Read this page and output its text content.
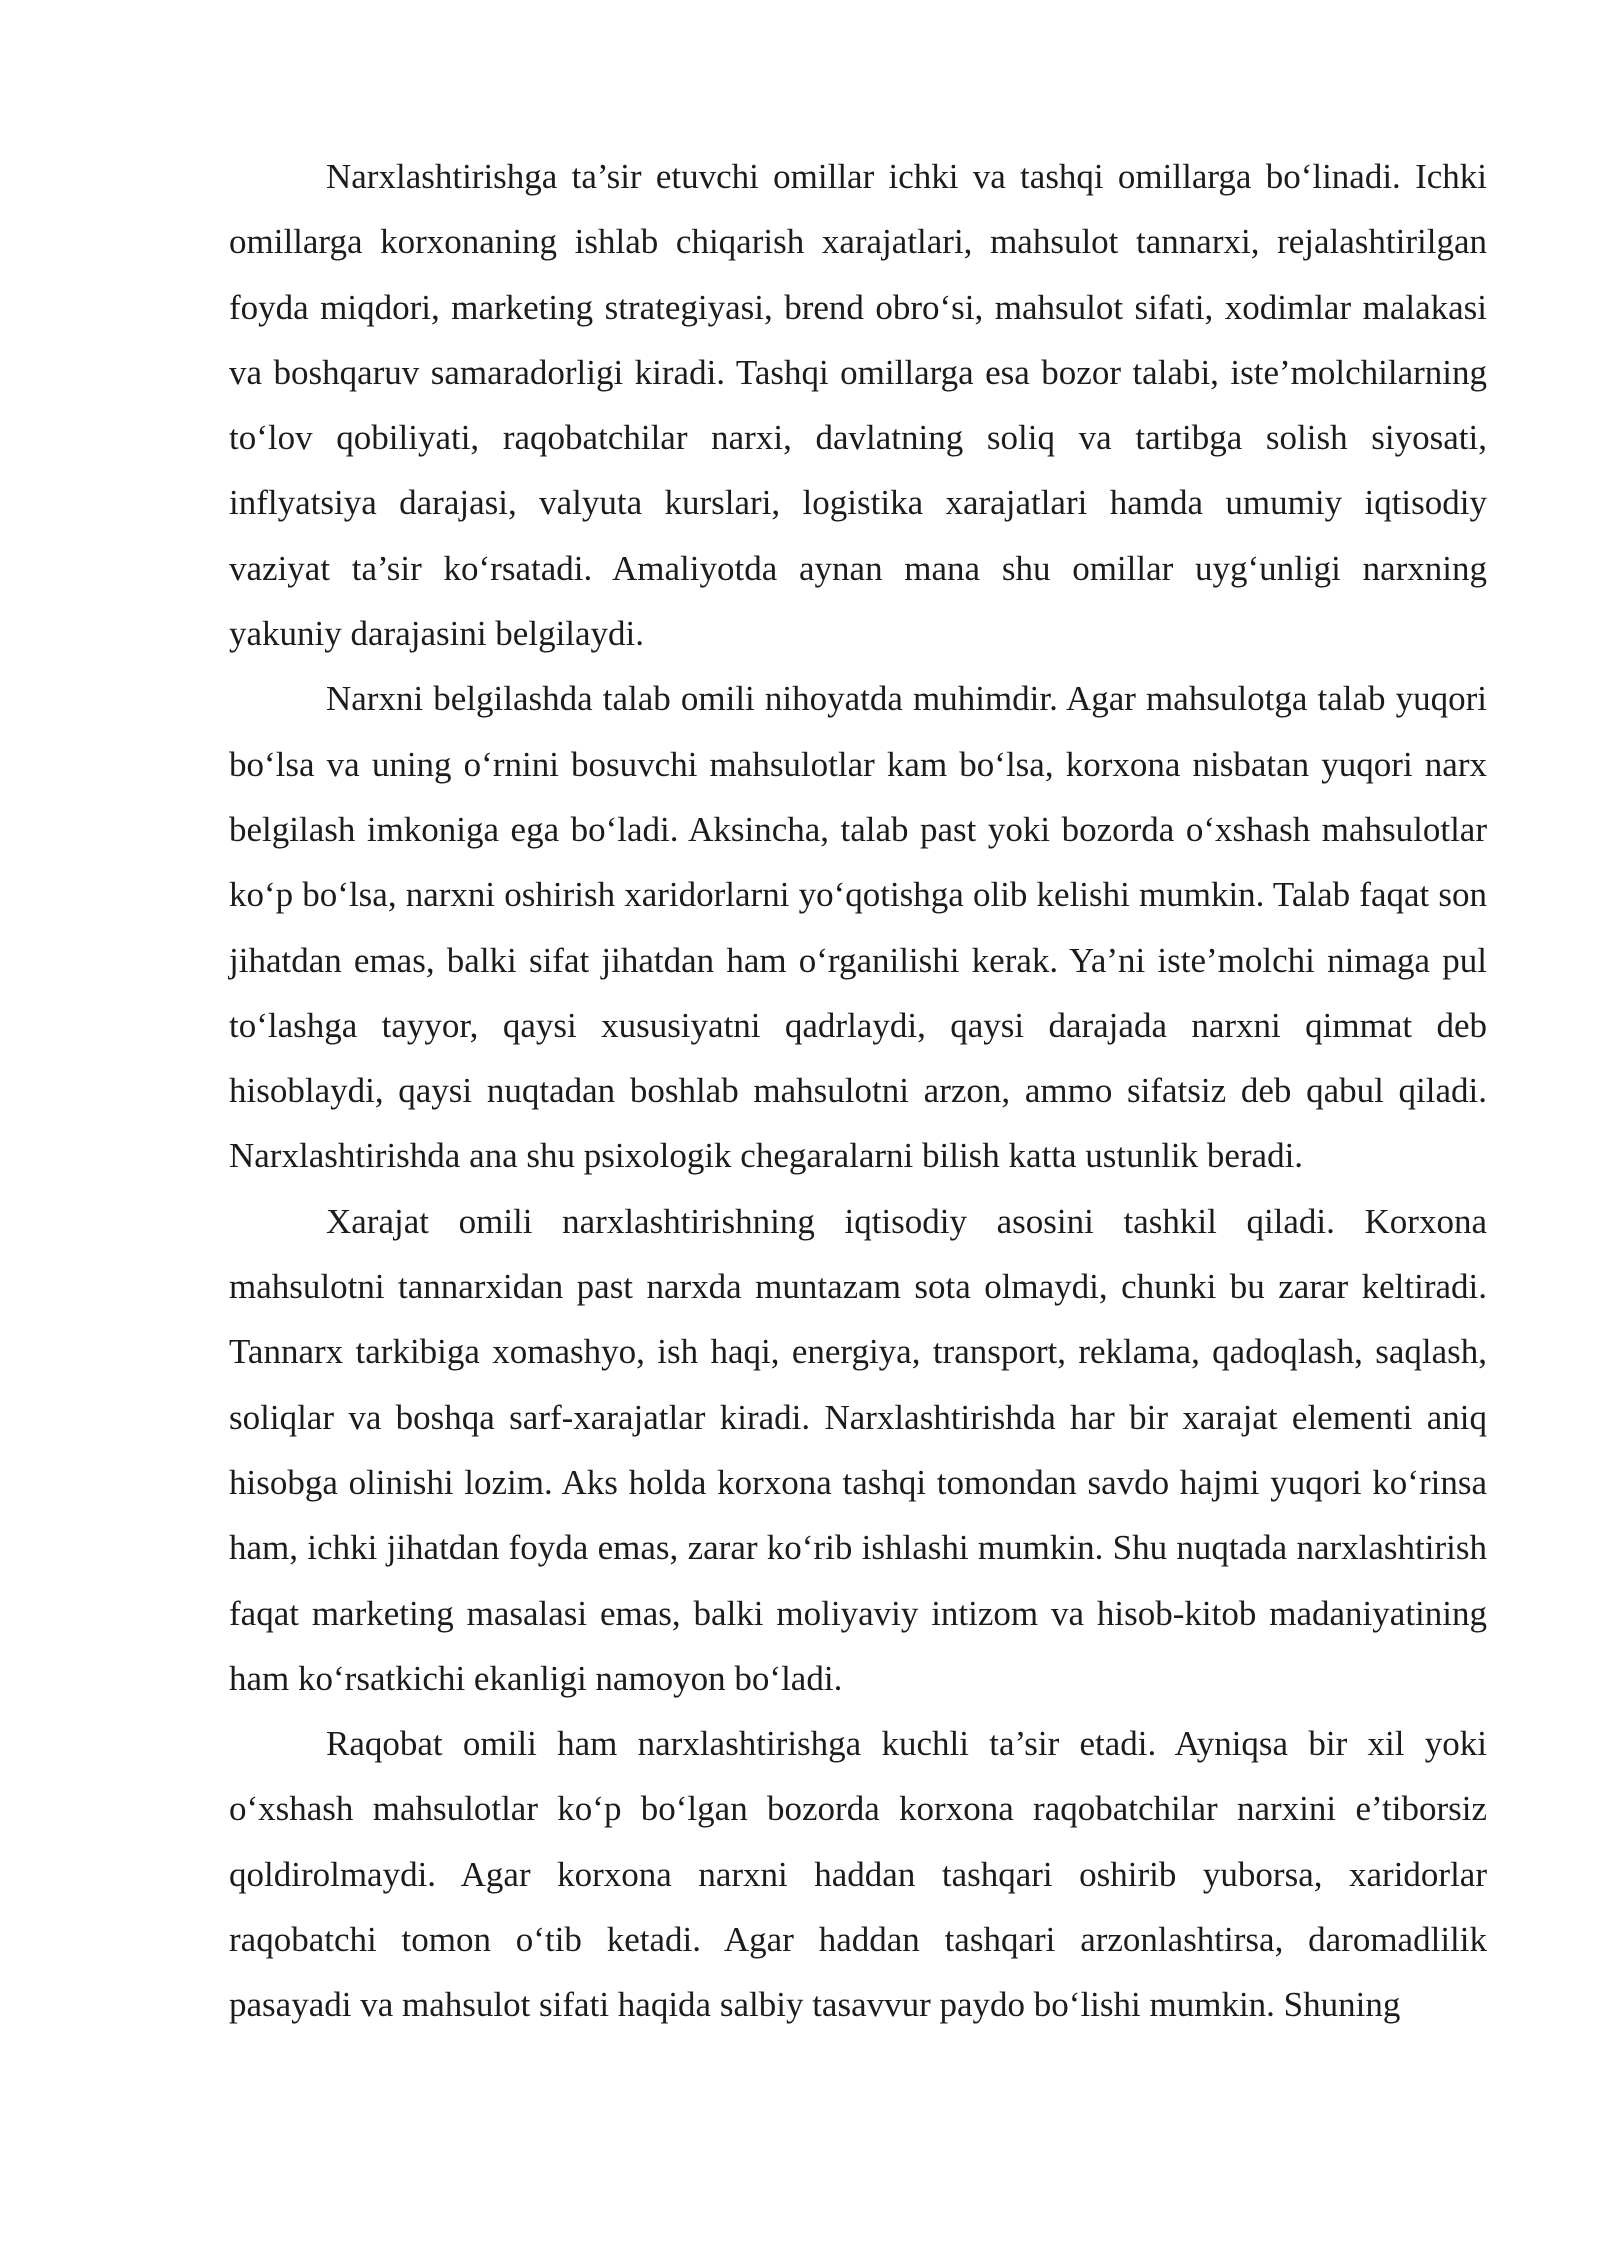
Narxlashtirishga ta’sir etuvchi omillar ichki va tashqi omillarga bo‘linadi. Ichki omillarga korxonaning ishlab chiqarish xarajatlari, mahsulot tannarxi, rejalashtirilgan foyda miqdori, marketing strategiyasi, brend obro‘si, mahsulot sifati, xodimlar malakasi va boshqaruv samaradorligi kiradi. Tashqi omillarga esa bozor talabi, iste’molchilarning to‘lov qobiliyati, raqobatchilar narxi, davlatning soliq va tartibga solish siyosati, inflyatsiya darajasi, valyuta kurslari, logistika xarajatlari hamda umumiy iqtisodiy vaziyat ta’sir ko‘rsatadi. Amaliyotda aynan mana shu omillar uyg‘unligi narxning yakuniy darajasini belgilaydi.

Narxni belgilashda talab omili nihoyatda muhimdir. Agar mahsulotga talab yuqori bo‘lsa va uning o‘rnini bosuvchi mahsulotlar kam bo‘lsa, korxona nisbatan yuqori narx belgilash imkoniga ega bo‘ladi. Aksincha, talab past yoki bozorda o‘xshash mahsulotlar ko‘p bo‘lsa, narxni oshirish xaridorlarni yo‘qotishga olib kelishi mumkin. Talab faqat son jihatdan emas, balki sifat jihatdan ham o‘rganilishi kerak. Ya’ni iste’molchi nimaga pul to‘lashga tayyor, qaysi xususiyatni qadrlaydi, qaysi darajada narxni qimmat deb hisoblaydi, qaysi nuqtadan boshlab mahsulotni arzon, ammo sifatsiz deb qabul qiladi. Narxlashtirishda ana shu psixologik chegaralarni bilish katta ustunlik beradi.

Xarajat omili narxlashtirishning iqtisodiy asosini tashkil qiladi. Korxona mahsulotni tannarxidan past narxda muntazam sota olmaydi, chunki bu zarar keltiradi. Tannarx tarkibiga xomashyo, ish haqi, energiya, transport, reklama, qadoqlash, saqlash, soliqlar va boshqa sarf-xarajatlar kiradi. Narxlashtirishda har bir xarajat elementi aniq hisobga olinishi lozim. Aks holda korxona tashqi tomondan savdo hajmi yuqori ko‘rinsa ham, ichki jihatdan foyda emas, zarar ko‘rib ishlashi mumkin. Shu nuqtada narxlashtirish faqat marketing masalasi emas, balki moliyaviy intizom va hisob-kitob madaniyatining ham ko‘rsatkichi ekanligi namoyon bo‘ladi.

Raqobat omili ham narxlashtirishga kuchli ta’sir etadi. Ayniqsa bir xil yoki o‘xshash mahsulotlar ko‘p bo‘lgan bozorda korxona raqobatchilar narxini e’tiborsiz qoldirolmaydi. Agar korxona narxni haddan tashqari oshirib yuborsa, xaridorlar raqobatchi tomon o‘tib ketadi. Agar haddan tashqari arzonlashtirsa, daromadlilik pasayadi va mahsulot sifati haqida salbiy tasavvur paydo bo‘lishi mumkin. Shuning
